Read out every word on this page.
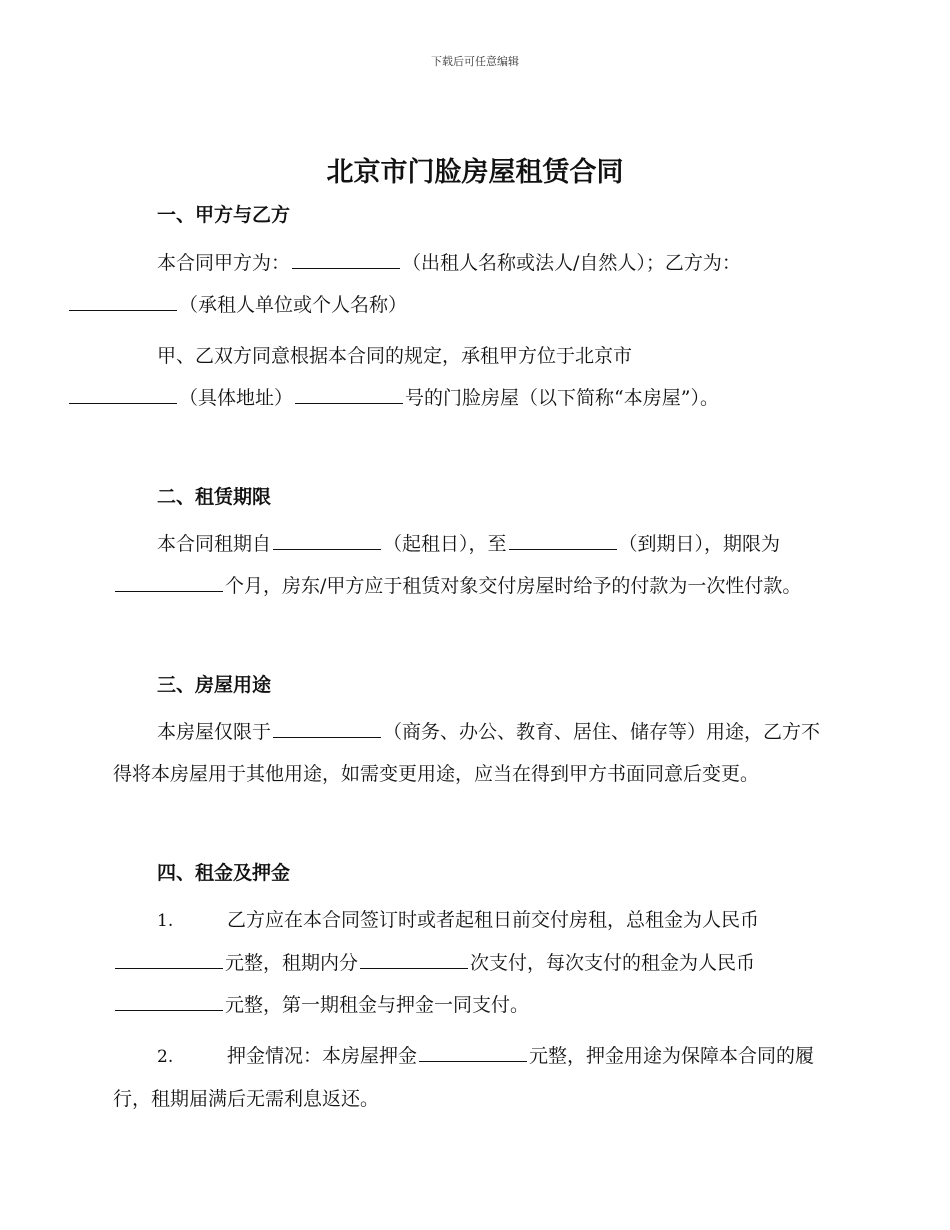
下载后可任意编辑
北京市门脸房屋租赁合同
一、甲方与乙方

本合同甲方为：	（出租人名称或法人/自然人）；乙方为：
（承租人单位或个人名称）

甲、乙双方同意根据本合同的规定，承租甲方位于北京市
（具体地址）	号的门脸房屋（以下简称“本房屋”）。

二、租赁期限

本合同租期自	（起租日），至	（到期日），期限为个月，房东/甲方应于租赁对象交付房屋时给予的付款为一次性付款。

三、房屋用途

本房屋仅限于	（商务、办公、教育、居住、储存等）用途，乙方不得将本房屋用于其他用途，如需变更用途，应当在得到甲方书面同意后变更。

四、租金及押金

1.	乙方应在本合同签订时或者起租日前交付房租，总租金为人民币
元整，租期内分	次支付，每次支付的租金为人民币
元整，第一期租金与押金一同支付。

2.	押金情况：本房屋押金	元整，押金用途为保障本合同的履行，租期届满后无需利息返还。
